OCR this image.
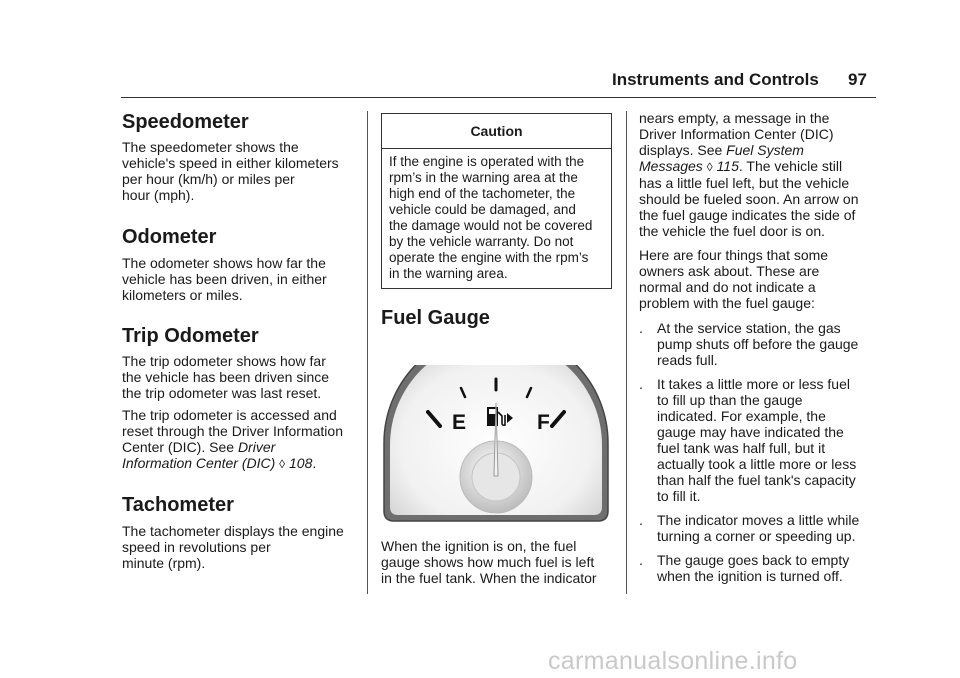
Instruments and Controls 97
Speedometer

The speedometer shows the
vehicle's speed in either kilometers
per hour (km/h) or miles per
hour (mph).

Odometer

The odometer shows how far the
vehicle has been driven, in either
kilometers or miles.

Trip Odometer

The trip odometer shows how far
the vehicle has been driven since
the trip odometer was last reset.

The trip odometer is accessed and
reset through the Driver Information
Center (DIC). See Driver
Information Center (DIC) ◊ 108.

Tachometer

The tachometer displays the engine
speed in revolutions per
minute (rpm).

Caution
If the engine is operated with the
rpm’s in the warning area at the
high end of the tachometer, the
vehicle could be damaged, and
the damage would not be covered
by the vehicle warranty. Do not
operate the engine with the rpm’s
in the warning area.
Fuel Gauge
E	F

When the ignition is on, the fuel
gauge shows how much fuel is left
in the fuel tank. When the indicator

nears empty, a message in the
Driver Information Center (DIC)
displays. See Fuel System
Messages ◊ 115. The vehicle still
has a little fuel left, but the vehicle
should be fueled soon. An arrow on
the fuel gauge indicates the side of
the vehicle the fuel door is on.

Here are four things that some
owners ask about. These are
normal and do not indicate a
problem with the fuel gauge:

. At the service station, the gas
pump shuts off before the gauge
reads full.
. It takes a little more or less fuel
to fill up than the gauge
indicated. For example, the
gauge may have indicated the
fuel tank was half full, but it
actually took a little more or less
than half the fuel tank's capacity
to fill it.
. The indicator moves a little while
turning a corner or speeding up.
. The gauge goes back to empty
when the ignition is turned off.
carmanualsonline.info
